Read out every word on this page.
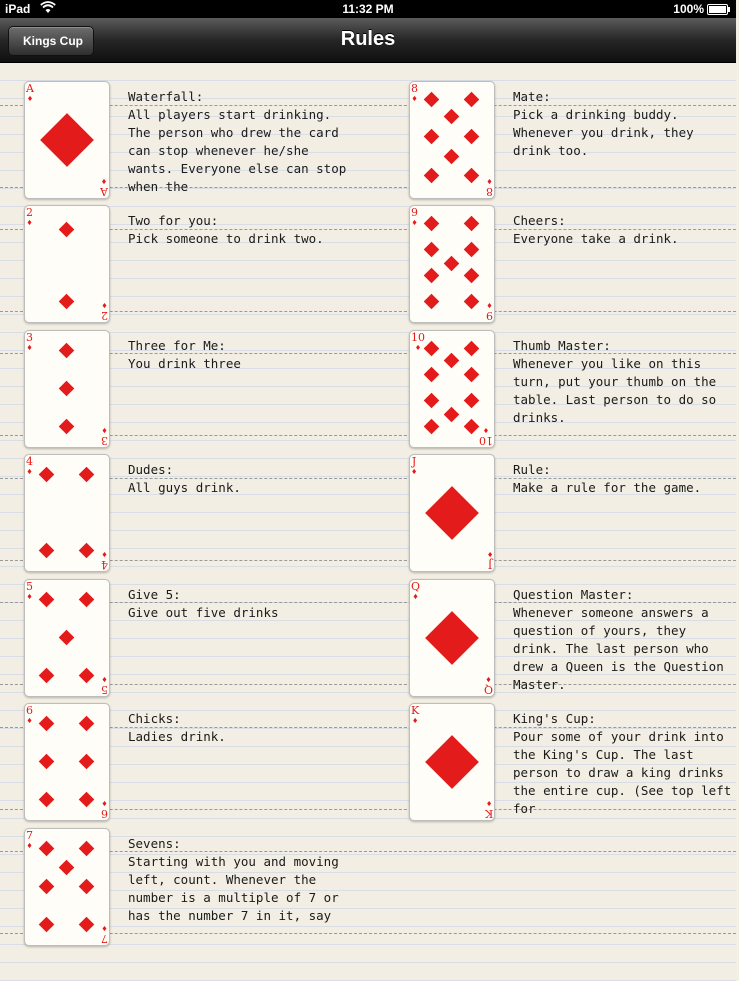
iPad	11:32 PM	100%
Kings Cup	Rules
A
♦
A
♦
Waterfall:
All players start drinking. The person who drew the card can stop whenever he/she wants. Everyone else can stop when the
8
♦
8
♦
Mate:
Pick a drinking buddy. Whenever you drink, they drink too.
2
♦
2
♦
Two for you:
Pick someone to drink two.
9
♦
9
♦
Cheers:
Everyone take a drink.
3
♦
3
♦
Three for Me:
You drink three
10
♦
10
♦
Thumb Master:
Whenever you like on this turn, put your thumb on the table. Last person to do so drinks.
4
♦
4
♦
Dudes:
All guys drink.
J
♦
J
♦
Rule:
Make a rule for the game.
5
♦
5
♦
Give 5:
Give out five drinks
Q
♦
Q
♦
Question Master:
Whenever someone answers a question of yours, they drink. The last person who drew a Queen is the Question Master.
6
♦
6
♦
Chicks:
Ladies drink.
K
♦
K
♦
King's Cup:
Pour some of your drink into the King's Cup. The last person to draw a king drinks the entire cup. (See top left for
7
♦
7
♦
Sevens:
Starting with you and moving left, count. Whenever the number is a multiple of 7 or has the number 7 in it, say
